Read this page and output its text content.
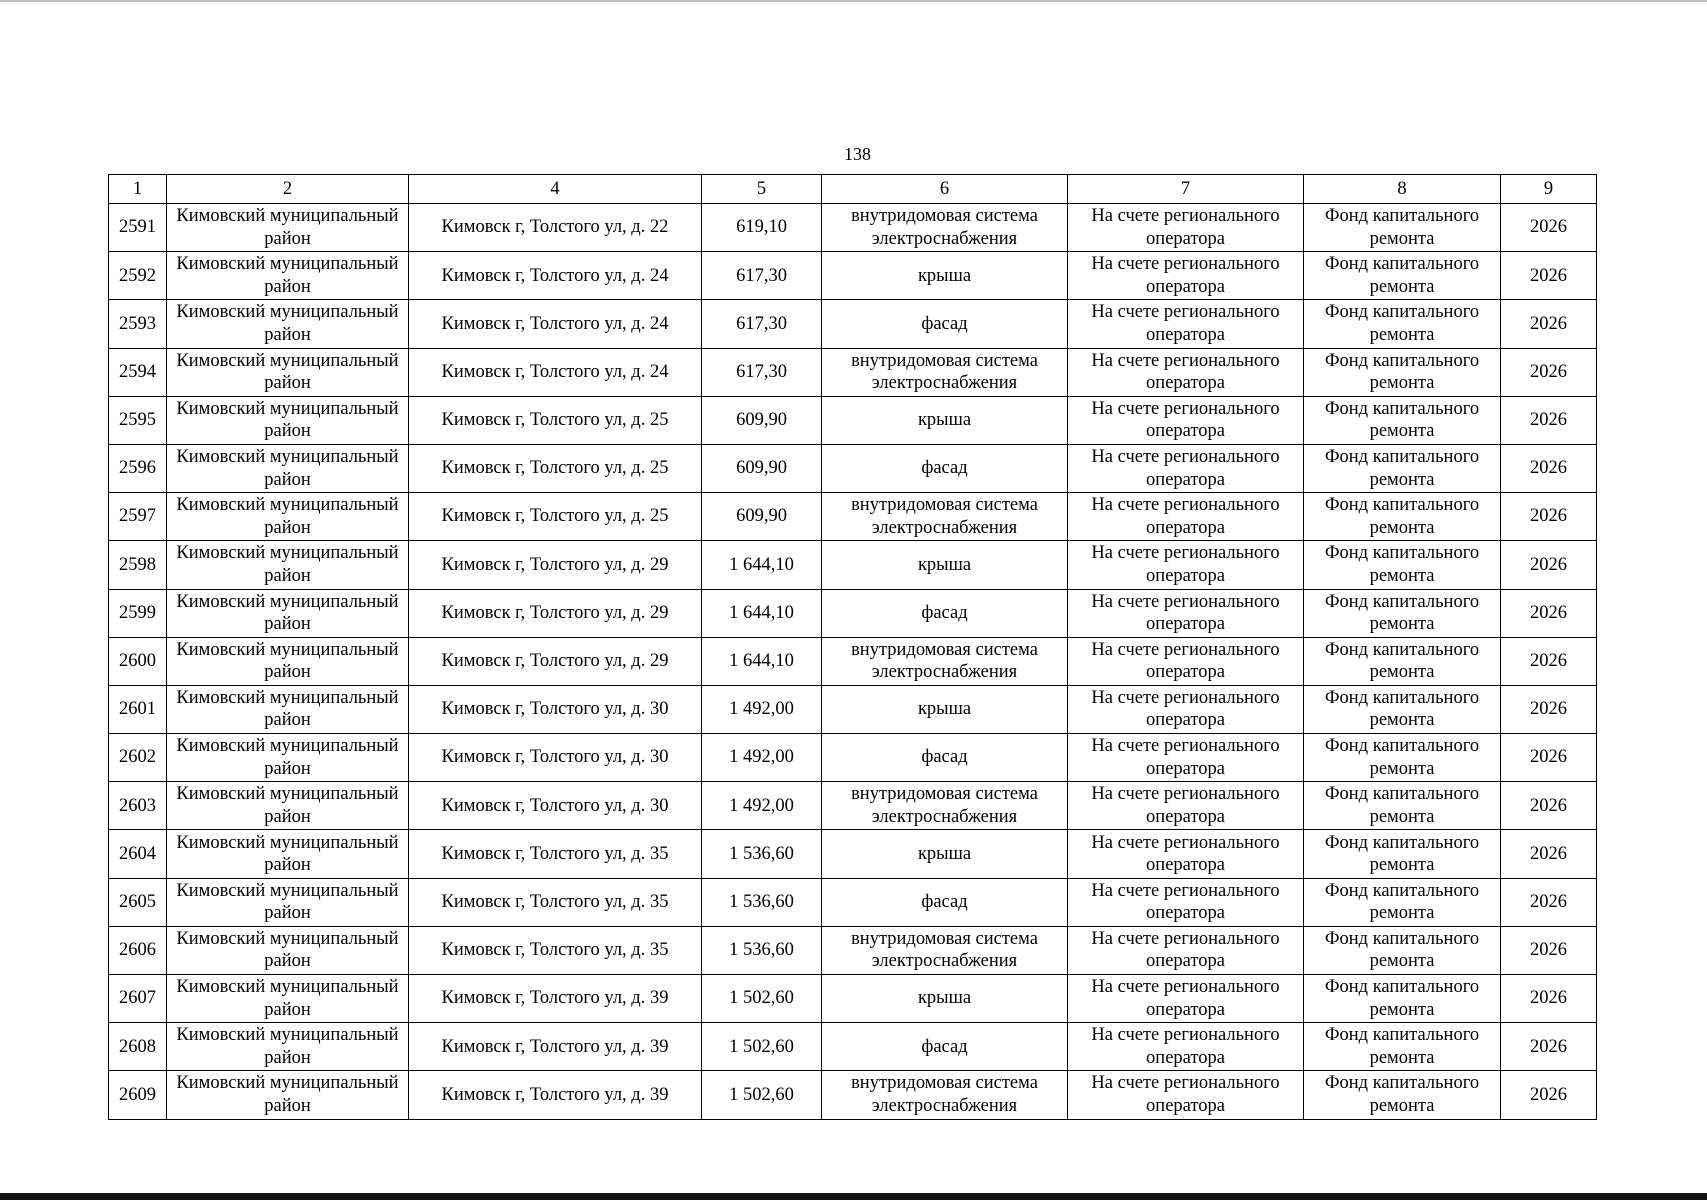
138
1	2	4	5	6	7	8	9
2591	Кимовский муниципальный район	Кимовск г, Толстого ул, д. 22	619,10	внутридомовая система электроснабжения	На счете регионального оператора	Фонд капитального ремонта	2026
2592	Кимовский муниципальный район	Кимовск г, Толстого ул, д. 24	617,30	крыша	На счете регионального оператора	Фонд капитального ремонта	2026
2593	Кимовский муниципальный район	Кимовск г, Толстого ул, д. 24	617,30	фасад	На счете регионального оператора	Фонд капитального ремонта	2026
2594	Кимовский муниципальный район	Кимовск г, Толстого ул, д. 24	617,30	внутридомовая система электроснабжения	На счете регионального оператора	Фонд капитального ремонта	2026
2595	Кимовский муниципальный район	Кимовск г, Толстого ул, д. 25	609,90	крыша	На счете регионального оператора	Фонд капитального ремонта	2026
2596	Кимовский муниципальный район	Кимовск г, Толстого ул, д. 25	609,90	фасад	На счете регионального оператора	Фонд капитального ремонта	2026
2597	Кимовский муниципальный район	Кимовск г, Толстого ул, д. 25	609,90	внутридомовая система электроснабжения	На счете регионального оператора	Фонд капитального ремонта	2026
2598	Кимовский муниципальный район	Кимовск г, Толстого ул, д. 29	1 644,10	крыша	На счете регионального оператора	Фонд капитального ремонта	2026
2599	Кимовский муниципальный район	Кимовск г, Толстого ул, д. 29	1 644,10	фасад	На счете регионального оператора	Фонд капитального ремонта	2026
2600	Кимовский муниципальный район	Кимовск г, Толстого ул, д. 29	1 644,10	внутридомовая система электроснабжения	На счете регионального оператора	Фонд капитального ремонта	2026
2601	Кимовский муниципальный район	Кимовск г, Толстого ул, д. 30	1 492,00	крыша	На счете регионального оператора	Фонд капитального ремонта	2026
2602	Кимовский муниципальный район	Кимовск г, Толстого ул, д. 30	1 492,00	фасад	На счете регионального оператора	Фонд капитального ремонта	2026
2603	Кимовский муниципальный район	Кимовск г, Толстого ул, д. 30	1 492,00	внутридомовая система электроснабжения	На счете регионального оператора	Фонд капитального ремонта	2026
2604	Кимовский муниципальный район	Кимовск г, Толстого ул, д. 35	1 536,60	крыша	На счете регионального оператора	Фонд капитального ремонта	2026
2605	Кимовский муниципальный район	Кимовск г, Толстого ул, д. 35	1 536,60	фасад	На счете регионального оператора	Фонд капитального ремонта	2026
2606	Кимовский муниципальный район	Кимовск г, Толстого ул, д. 35	1 536,60	внутридомовая система электроснабжения	На счете регионального оператора	Фонд капитального ремонта	2026
2607	Кимовский муниципальный район	Кимовск г, Толстого ул, д. 39	1 502,60	крыша	На счете регионального оператора	Фонд капитального ремонта	2026
2608	Кимовский муниципальный район	Кимовск г, Толстого ул, д. 39	1 502,60	фасад	На счете регионального оператора	Фонд капитального ремонта	2026
2609	Кимовский муниципальный район	Кимовск г, Толстого ул, д. 39	1 502,60	внутридомовая система электроснабжения	На счете регионального оператора	Фонд капитального ремонта	2026
